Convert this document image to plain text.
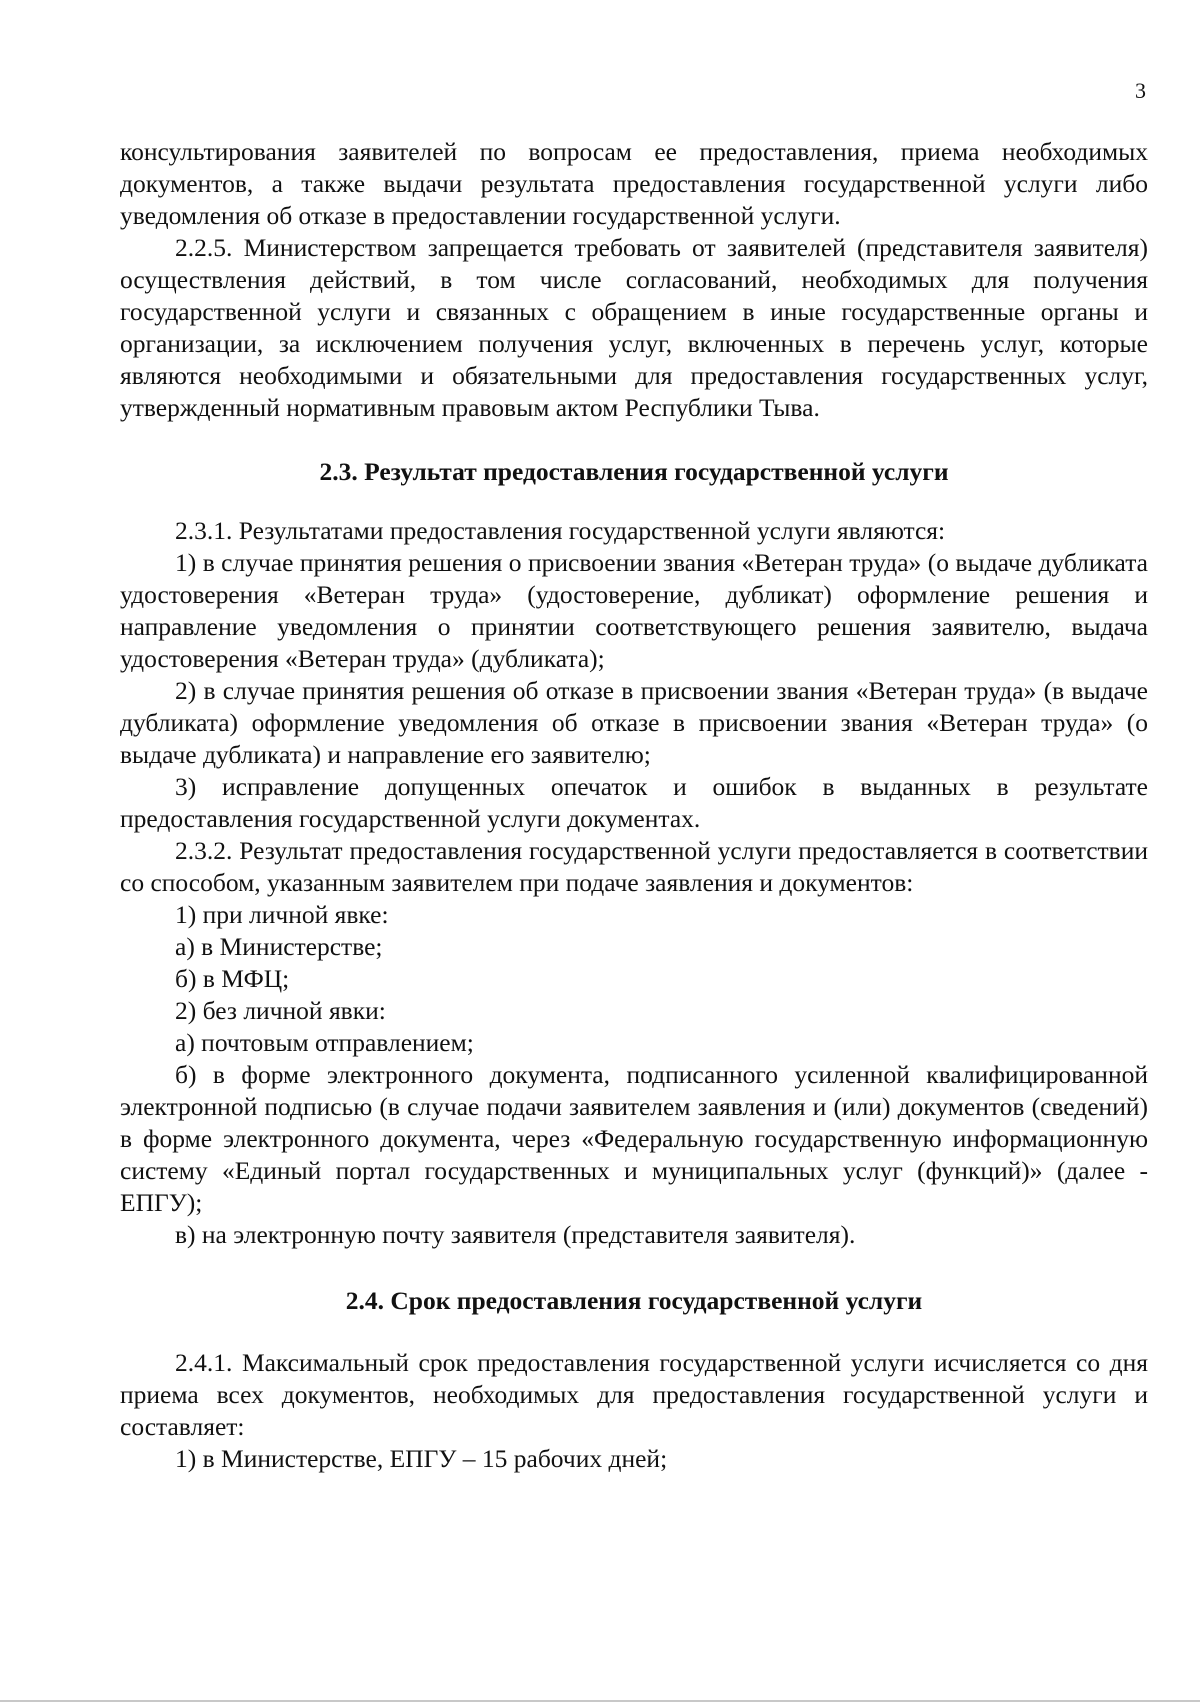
3

консультирования заявителей по вопросам ее предоставления, приема необходимых документов, а также выдачи результата предоставления государственной услуги либо уведомления об отказе в предоставлении государственной услуги.

2.2.5. Министерством запрещается требовать от заявителей (представителя заявителя) осуществления действий, в том числе согласований, необходимых для получения государственной услуги и связанных с обращением в иные государственные органы и организации, за исключением получения услуг, включенных в перечень услуг, которые являются необходимыми и обязательными для предоставления государственных услуг, утвержденный нормативным правовым актом Республики Тыва.

2.3. Результат предоставления государственной услуги

2.3.1. Результатами предоставления государственной услуги являются:

1) в случае принятия решения о присвоении звания «Ветеран труда» (о выдаче дубликата удостоверения «Ветеран труда» (удостоверение, дубликат) оформление решения и направление уведомления о принятии соответствующего решения заявителю, выдача удостоверения «Ветеран труда» (дубликата);

2) в случае принятия решения об отказе в присвоении звания «Ветеран труда» (в выдаче дубликата) оформление уведомления об отказе в присвоении звания «Ветеран труда» (о выдаче дубликата) и направление его заявителю;

3) исправление допущенных опечаток и ошибок в выданных в результате предоставления государственной услуги документах.

2.3.2. Результат предоставления государственной услуги предоставляется в соответствии со способом, указанным заявителем при подаче заявления и документов:

1) при личной явке:

а) в Министерстве;

б) в МФЦ;

2) без личной явки:

а) почтовым отправлением;

б) в форме электронного документа, подписанного усиленной квалифицированной электронной подписью (в случае подачи заявителем заявления и (или) документов (сведений) в форме электронного документа, через «Федеральную государственную информационную систему «Единый портал государственных и муниципальных услуг (функций)» (далее - ЕПГУ);

в) на электронную почту заявителя (представителя заявителя).

2.4. Срок предоставления государственной услуги

2.4.1. Максимальный срок предоставления государственной услуги исчисляется со дня приема всех документов, необходимых для предоставления государственной услуги и составляет:

1) в Министерстве, ЕПГУ – 15 рабочих дней;
